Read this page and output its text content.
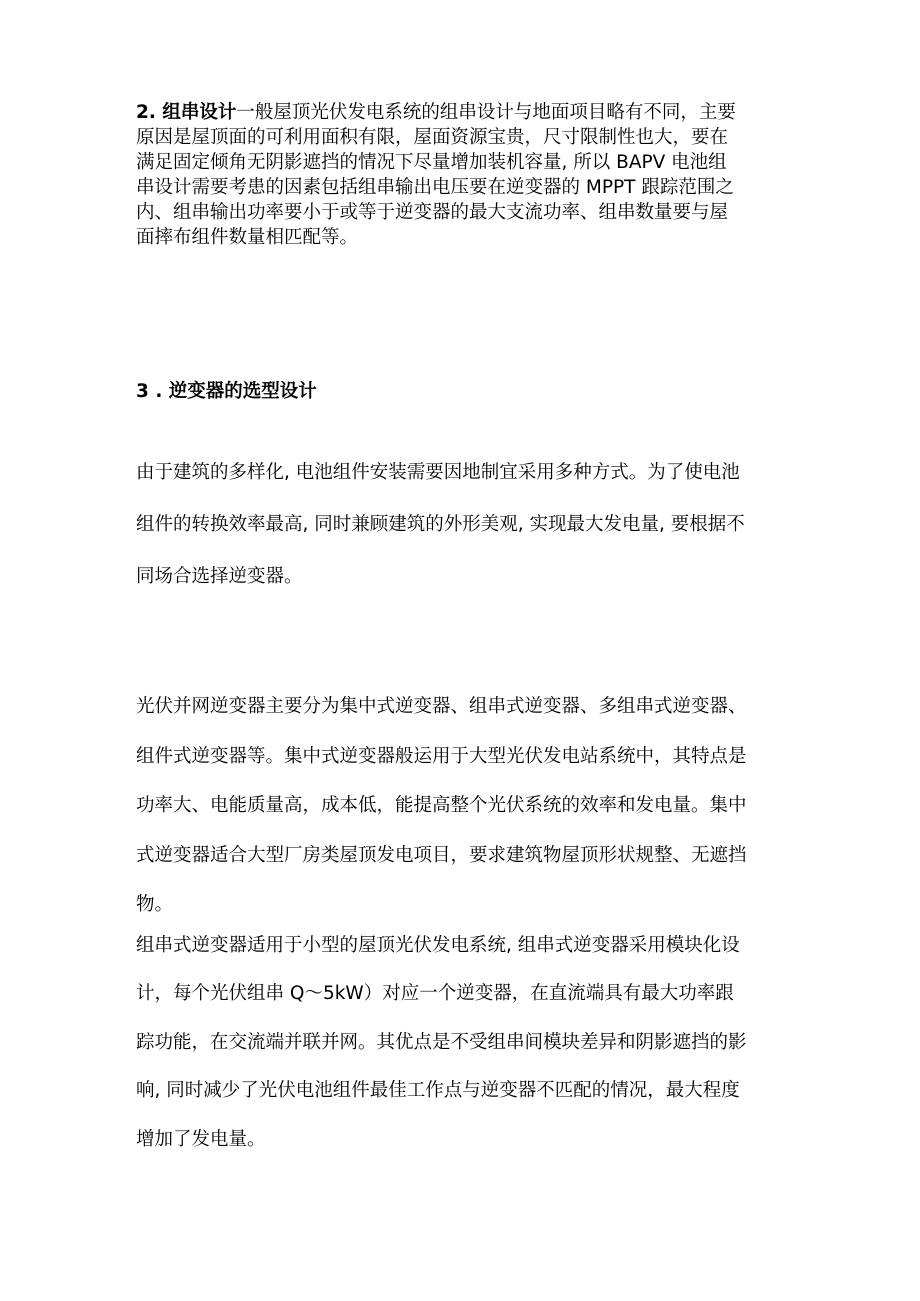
2. 组串设计一般屋顶光伏发电系统的组串设计与地面项目略有不同，主要
原因是屋顶面的可利用面积有限，屋面资源宝贵，尺寸限制性也大，要在
满足固定倾角无阴影遮挡的情况下尽量增加装机容量, 所以 BAPV 电池组
串设计需要考患的因素包括组串输出电压要在逆变器的 MPPT 跟踪范围之
内、组串输出功率要小于或等于逆变器的最大支流功率、组串数量要与屋
面摔布组件数量相匹配等。
3 . 逆变器的选型设计
由于建筑的多样化, 电池组件安装需要因地制宜采用多种方式。为了使电池
组件的转换效率最高, 同时兼顾建筑的外形美观, 实现最大发电量, 要根据不
同场合选择逆变器。
光伏并网逆变器主要分为集中式逆变器、组串式逆变器、多组串式逆变器、
组件式逆变器等。集中式逆变器般运用于大型光伏发电站系统中，其特点是
功率大、电能质量高，成本低，能提高整个光伏系统的效率和发电量。集中
式逆变器适合大型厂房类屋顶发电项目，要求建筑物屋顶形状规整、无遮挡
物。
组串式逆变器适用于小型的屋顶光伏发电系统, 组串式逆变器采用模块化设
计，每个光伏组串 Q～5kW）对应一个逆变器，在直流端具有最大功率跟
踪功能，在交流端并联并网。其优点是不受组串间模块差异和阴影遮挡的影
响, 同时减少了光伏电池组件最佳工作点与逆变器不匹配的情况，最大程度
增加了发电量。
